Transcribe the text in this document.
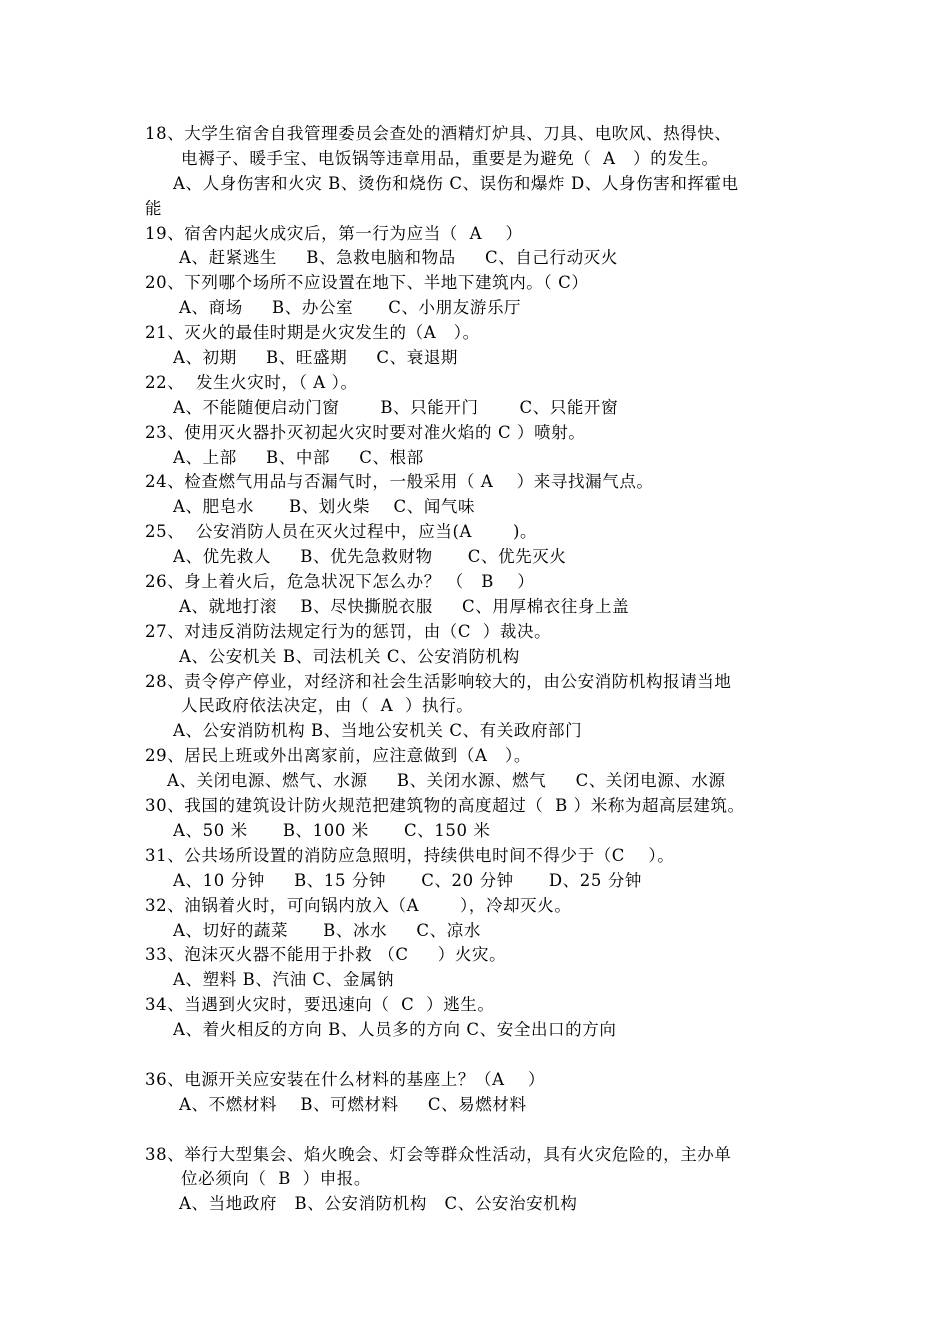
18、大学生宿舍自我管理委员会查处的酒精灯炉具、刀具、电吹风、热得快、
电褥子、暖手宝、电饭锅等违章用品，重要是为避免（  A   ）的发生。
A、人身伤害和火灾 B、烫伤和烧伤 C、误伤和爆炸 D、人身伤害和挥霍电
能
19、宿舍内起火成灾后，第一行为应当（  A    ）
A、赶紧逃生     B、急救电脑和物品     C、自己行动灭火
20、下列哪个场所不应设置在地下、半地下建筑内。（ C）
A、商场     B、办公室      C、小朋友游乐厅
21、灭火的最佳时期是火灾发生的（A   ）。
A、初期     B、旺盛期     C、衰退期
22、  发生火灾时，（ A ）。
A、不能随便启动门窗       B、只能开门       C、只能开窗
23、使用灭火器扑灭初起火灾时要对准火焰的 C ）喷射。
A、上部     B、中部     C、根部
24、检查燃气用品与否漏气时，一般采用（ A    ）来寻找漏气点。
A、肥皂水      B、划火柴    C、闻气味
25、  公安消防人员在灭火过程中，应当(A       )。
A、优先救人     B、优先急救财物      C、优先灭火
26、身上着火后，危急状况下怎么办？ （   B    ）
A、就地打滚    B、尽快撕脱衣服     C、用厚棉衣往身上盖
27、对违反消防法规定行为的惩罚，由（C  ）裁决。
A、公安机关 B、司法机关 C、公安消防机构
28、责令停产停业，对经济和社会生活影响较大的，由公安消防机构报请当地
人民政府依法决定，由（  A  ）执行。
A、公安消防机构 B、当地公安机关 C、有关政府部门
29、居民上班或外出离家前，应注意做到（A   ）。
A、关闭电源、燃气、水源     B、关闭水源、燃气     C、关闭电源、水源
30、我国的建筑设计防火规范把建筑物的高度超过（  B ）米称为超高层建筑。
A、50 米      B、100 米      C、150 米
31、公共场所设置的消防应急照明，持续供电时间不得少于（C    ）。
A、10 分钟     B、15 分钟      C、20 分钟      D、25 分钟
32、油锅着火时，可向锅内放入（A       ），冷却灭火。
A、切好的蔬菜      B、冰水     C、凉水
33、泡沫灭火器不能用于扑救 （C     ）火灾。
A、塑料 B、汽油 C、金属钠
34、当遇到火灾时，要迅速向（  C  ）逃生。
A、着火相反的方向 B、人员多的方向 C、安全出口的方向
36、电源开关应安装在什么材料的基座上？（A    ）
A、不燃材料    B、可燃材料     C、易燃材料
38、举行大型集会、焰火晚会、灯会等群众性活动，具有火灾危险的，主办单
位必须向（  B  ）申报。
A、当地政府   B、公安消防机构   C、公安治安机构
